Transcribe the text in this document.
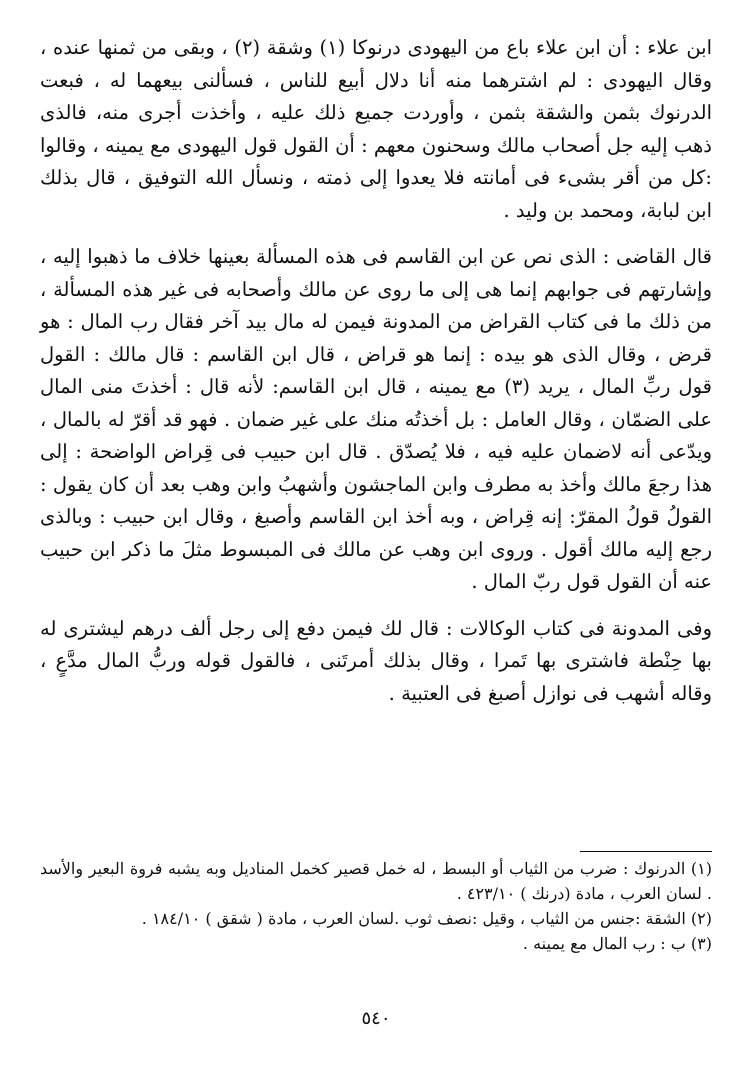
ابن علاء : أن ابن علاء باع من اليهودى درنوكا (١) وشقة (٢) ، وبقى من ثمنها عنده ، وقال اليهودى : لم اشترهما منه أنا دلال أبيع للناس ، فسألنى بيعهما له ، فبعت الدرنوك بثمن والشقة بثمن ، وأوردت جميع ذلك عليه ، وأخذت أجرى منه، فالذى ذهب إليه جل أصحاب مالك وسحنون معهم : أن القول قول اليهودى مع يمينه ، وقالوا :كل من أقر بشىء فى أمانته فلا يعدوا إلى ذمته ، ونسأل الله التوفيق ، قال بذلك ابن لبابة، ومحمد بن وليد .

قال القاضى : الذى نص عن ابن القاسم فى هذه المسألة بعينها خلاف ما ذهبوا إليه ، وإشارتهم فى جوابهم إنما هى إلى ما روى عن مالك وأصحابه فى غير هذه المسألة ، من ذلك ما فى كتاب القراض من المدونة فيمن له مال بيد آخر فقال رب المال : هو قرض ، وقال الذى هو بيده : إنما هو قراض ، قال ابن القاسم : قال مالك : القول قول ربِّ المال ، يريد (٣) مع يمينه ، قال ابن القاسم: لأنه قال : أخذتَ منى المال على الضمّان ، وقال العامل : بل أخذتُه منك على غير ضمان . فهو قد أقرّ له بالمال ، ويدّعى أنه لاضمان عليه فيه ، فلا يُصدّق . قال ابن حبيب فى قِراض الواضحة : إلى هذا رجعَ مالك وأخذ به مطرف وابن الماجشون وأشهبُ وابن وهب بعد أن كان يقول : القولُ قولُ المقرّ: إنه قِراض ، وبه أخذ ابن القاسم وأصبغ ، وقال ابن حبيب : وبالذى رجع إليه مالك أقول . وروى ابن وهب عن مالك فى المبسوط مثلَ ما ذكر ابن حبيب عنه أن القول قول ربّ المال .

وفى المدونة فى كتاب الوكالات : قال لك فيمن دفع إلى رجل ألف درهم ليشترى له بها حِنْطة فاشترى بها تَمرا ، وقال بذلك أمرتَنى ، فالقول قوله وربُّ المال مدَّعٍ ، وقاله أشهب فى نوازل أصبغ فى العتبية .

(١) الدرنوك : ضرب من الثياب أو البسط ، له خمل قصير كخمل المناديل وبه يشبه فروة البعير والأسد . لسان العرب ، مادة (درنك ) ٤٢٣/١٠ .

(٢) الشقة :جنس من الثياب ، وقيل :نصف ثوب .لسان العرب ، مادة ( شقق ) ١٨٤/١٠ .

(٣) ب : رب المال مع يمينه .

٥٤٠
